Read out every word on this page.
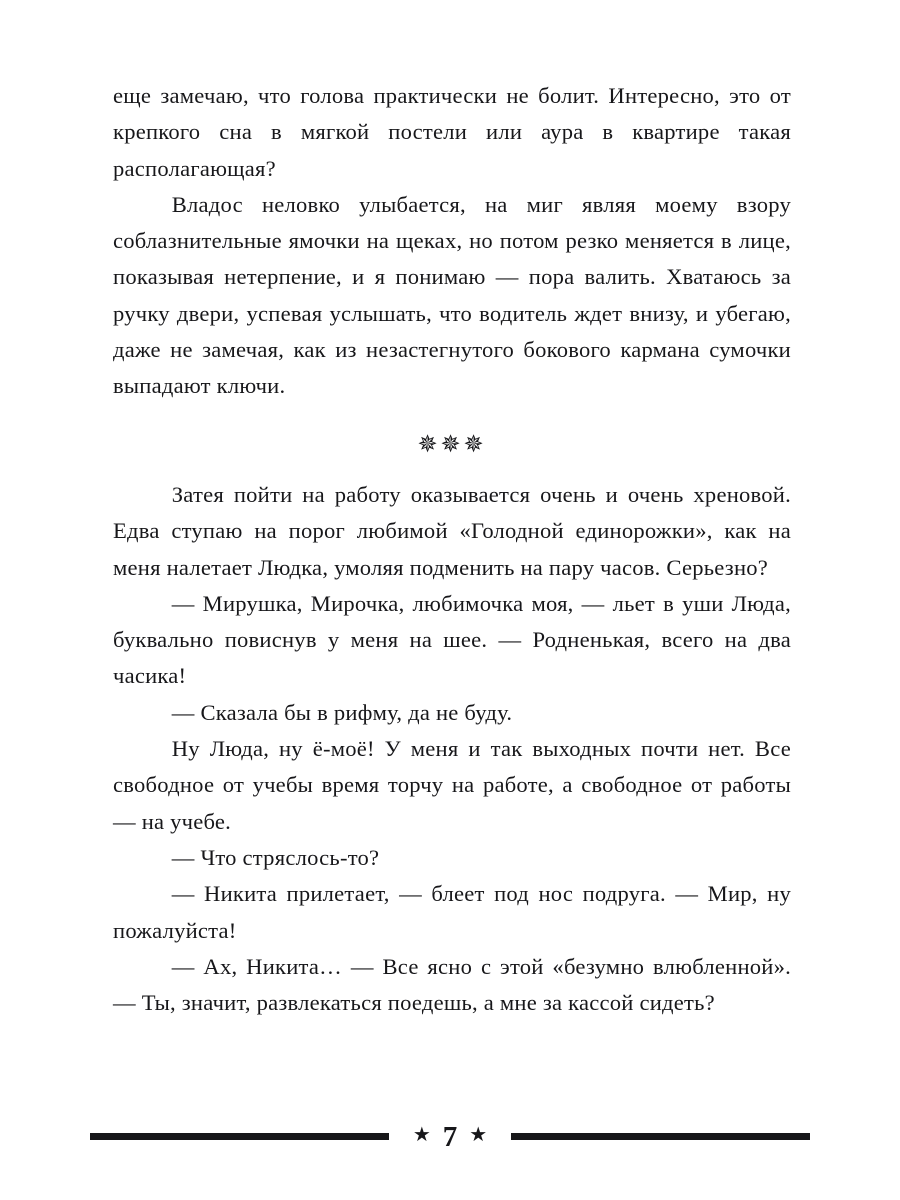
еще замечаю, что голова практически не болит. Интересно, это от крепкого сна в мягкой постели или аура в квартире такая располагающая?

Владос неловко улыбается, на миг являя моему взору соблазнительные ямочки на щеках, но потом резко меняется в лице, показывая нетерпение, и я понимаю — пора валить. Хватаюсь за ручку двери, успевая услышать, что водитель ждет внизу, и убегаю, даже не замечая, как из незастегнутого бокового кармана сумочки выпадают ключи.

✵✵✵

Затея пойти на работу оказывается очень и очень хреновой. Едва ступаю на порог любимой «Голодной единорожки», как на меня налетает Людка, умоляя подменить на пару часов. Серьезно?

— Мирушка, Мирочка, любимочка моя, — льет в уши Люда, буквально повиснув у меня на шее. — Родненькая, всего на два часика!

— Сказала бы в рифму, да не буду.

Ну Люда, ну ё-моё! У меня и так выходных почти нет. Все свободное от учебы время торчу на работе, а свободное от работы — на учебе.

— Что стряслось-то?

— Никита прилетает, — блеет под нос подруга. — Мир, ну пожалуйста!

— Ах, Никита… — Все ясно с этой «безумно влюбленной». — Ты, значит, развлекаться поедешь, а мне за кассой сидеть?

★ 7 ★
